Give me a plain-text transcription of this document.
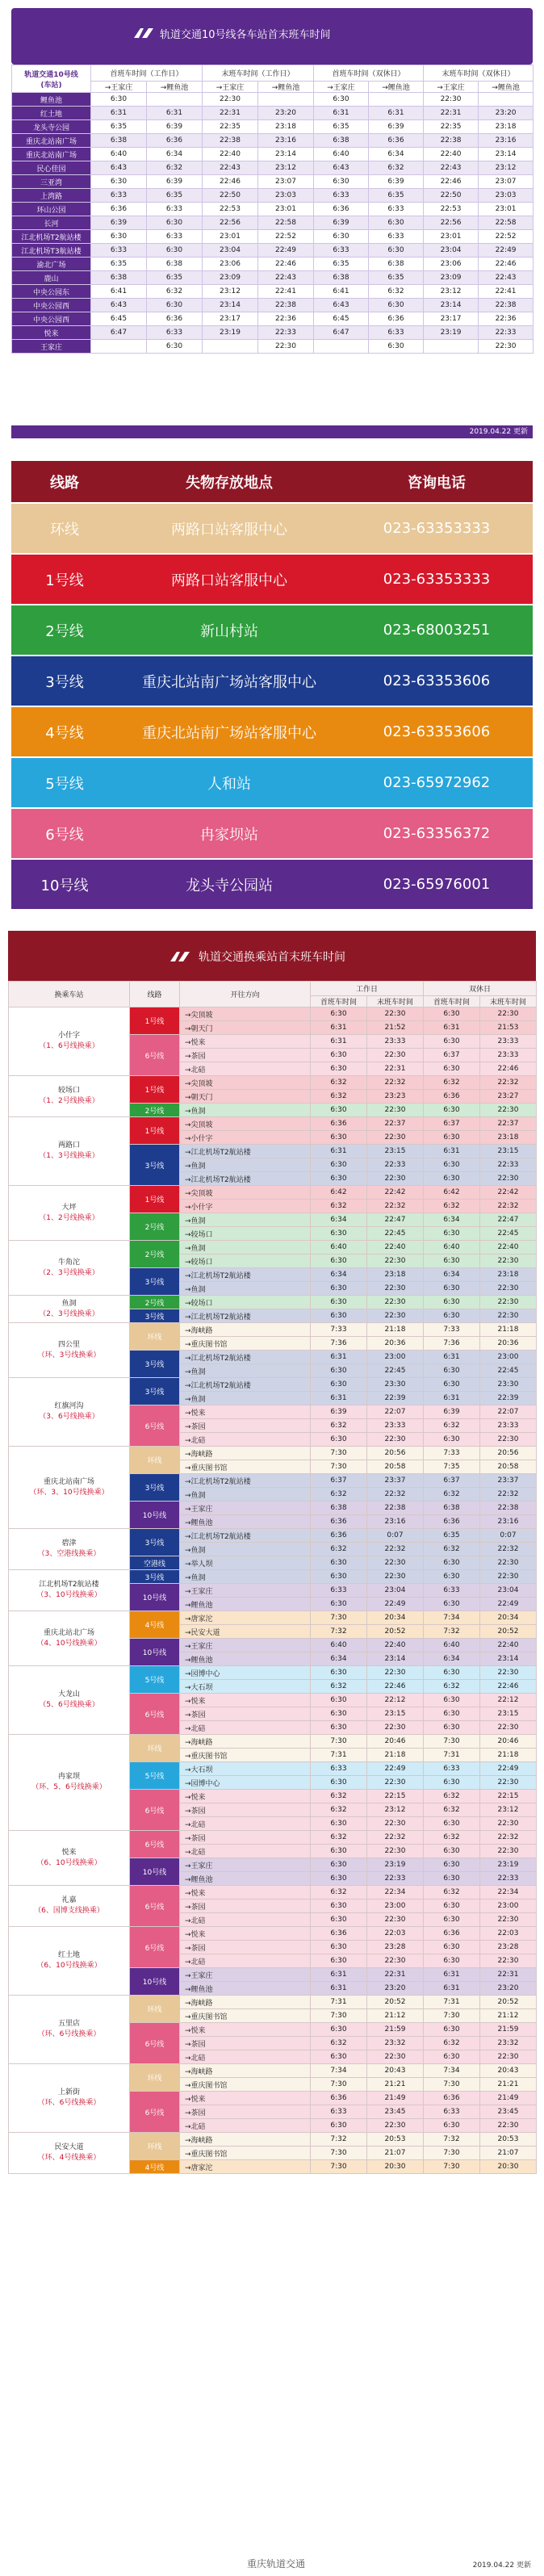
轨道交通10号线各车站首末班车时间
轨道交通10号线
(车站)	首班车时间（工作日）		末班车时间（工作日）		首班车时间（双休日）		末班车时间（双休日）	
	→王家庄	→鲤鱼池	→王家庄	→鲤鱼池	→王家庄	→鲤鱼池	→王家庄	→鲤鱼池
鲤鱼池	6:30		22:30		6:30		22:30	
红土地	6:31	6:31	22:31	23:20	6:31	6:31	22:31	23:20
龙头寺公园	6:35	6:39	22:35	23:18	6:35	6:39	22:35	23:18
重庆北站南广场	6:38	6:36	22:38	23:16	6:38	6:36	22:38	23:16
重庆北站南广场	6:40	6:34	22:40	23:14	6:40	6:34	22:40	23:14
民心佳园	6:43	6:32	22:43	23:12	6:43	6:32	22:43	23:12
三亚湾	6:30	6:39	22:46	23:07	6:30	6:39	22:46	23:07
上湾路	6:33	6:35	22:50	23:03	6:33	6:35	22:50	23:03
环山公园	6:36	6:33	22:53	23:01	6:36	6:33	22:53	23:01
长河	6:39	6:30	22:56	22:58	6:39	6:30	22:56	22:58
江北机场T2航站楼	6:30	6:33	23:01	22:52	6:30	6:33	23:01	22:52
江北机场T3航站楼	6:33	6:30	23:04	22:49	6:33	6:30	23:04	22:49
渝北广场	6:35	6:38	23:06	22:46	6:35	6:38	23:06	22:46
鹿山	6:38	6:35	23:09	22:43	6:38	6:35	23:09	22:43
中央公园东	6:41	6:32	23:12	22:41	6:41	6:32	23:12	22:41
中央公园西	6:43	6:30	23:14	22:38	6:43	6:30	23:14	22:38
中央公园西	6:45	6:36	23:17	22:36	6:45	6:36	23:17	22:36
悦来	6:47	6:33	23:19	22:33	6:47	6:33	23:19	22:33
王家庄		6:30		22:30		6:30		22:30
2019.04.22 更新
线路	失物存放地点	咨询电话
环线	两路口站客服中心	023-63353333
1号线	两路口站客服中心	023-63353333
2号线	新山村站	023-68003251
3号线	重庆北站南广场站客服中心	023-63353606
4号线	重庆北站南广场站客服中心	023-63353606
5号线	人和站	023-65972962
6号线	冉家坝站	023-63356372
10号线	龙头寺公园站	023-65976001
轨道交通换乘站首末班车时间
换乘车站	线路	开往方向	工作日		双休日	
			首班车时间	末班车时间	首班车时间	末班车时间

小什字
（1、6号线换乘）	1号线	→尖顶坡	6:30	22:30	6:30	22:30
		→朝天门	6:31	21:52	6:31	21:53
	6号线	→悦来	6:31	23:33	6:30	23:33
		→茶园	6:30	22:30	6:37	23:33
		→北碚	6:30	22:31	6:30	22:46

较场口
（1、2号线换乘）	1号线	→尖顶坡	6:32	22:32	6:32	22:32
		→朝天门	6:32	23:23	6:36	23:27
	2号线	→鱼洞	6:30	22:30	6:30	22:30

两路口
（1、3号线换乘）	1号线	→尖顶坡	6:36	22:37	6:37	22:37
		→小什字	6:30	22:30	6:30	23:18
	3号线	→江北机场T2航站楼	6:31	23:15	6:31	23:15
		→鱼洞	6:30	22:33	6:30	22:33
		→江北机场T2航站楼	6:30	22:30	6:30	22:30

大坪
（1、2号线换乘）	1号线	→尖顶坡	6:42	22:42	6:42	22:42
		→小什字	6:32	22:32	6:32	22:32
	2号线	→鱼洞	6:34	22:47	6:34	22:47
		→较场口	6:30	22:45	6:30	22:45

牛角沱
（2、3号线换乘）	2号线	→鱼洞	6:40	22:40	6:40	22:40
		→较场口	6:30	22:30	6:30	22:30
	3号线	→江北机场T2航站楼	6:34	23:18	6:34	23:18
		→鱼洞	6:30	22:30	6:30	22:30

鱼洞
（2、3号线换乘）	2号线	→较场口	6:30	22:30	6:30	22:30
	3号线	→江北机场T2航站楼	6:30	22:30	6:30	22:30

四公里
（环、3号线换乘）	环线	→海峡路	7:33	21:18	7:33	21:18
		→重庆图书馆	7:36	20:36	7:36	20:36
	3号线	→江北机场T2航站楼	6:31	23:00	6:31	23:00
		→鱼洞	6:30	22:45	6:30	22:45

红旗河沟
（3、6号线换乘）	3号线	→江北机场T2航站楼	6:30	23:30	6:30	23:30
		→鱼洞	6:31	22:39	6:31	22:39
	6号线	→悦来	6:39	22:07	6:39	22:07
		→茶园	6:32	23:33	6:32	23:33
		→北碚	6:30	22:30	6:30	22:30

重庆北站南广场
（环、3、10号线换乘）	环线	→海峡路	7:30	20:56	7:33	20:56
		→重庆图书馆	7:30	20:58	7:35	20:58
	3号线	→江北机场T2航站楼	6:37	23:37	6:37	23:37
		→鱼洞	6:32	22:32	6:32	22:32
	10号线	→王家庄	6:38	22:38	6:38	22:38
		→鲤鱼池	6:36	23:16	6:36	23:16

碧津
（3、空港线换乘）	3号线	→江北机场T2航站楼	6:36	0:07	6:35	0:07
		→鱼洞	6:32	22:32	6:32	22:32
	空港线	→举人坝	6:30	22:30	6:30	22:30

江北机场T2航站楼
（3、10号线换乘）	3号线	→鱼洞	6:30	22:30	6:30	22:30
	10号线	→王家庄	6:33	23:04	6:33	23:04
		→鲤鱼池	6:30	22:49	6:30	22:49

重庆北站北广场
（4、10号线换乘）	4号线	→唐家沱	7:30	20:34	7:34	20:34
		→民安大道	7:32	20:52	7:32	20:52
	10号线	→王家庄	6:40	22:40	6:40	22:40
		→鲤鱼池	6:34	23:14	6:34	23:14

大龙山
（5、6号线换乘）	5号线	→园博中心	6:30	22:30	6:30	22:30
		→大石坝	6:32	22:46	6:32	22:46
	6号线	→悦来	6:30	22:12	6:30	22:12
		→茶园	6:30	23:15	6:30	23:15
		→北碚	6:30	22:30	6:30	22:30

冉家坝
（环、5、6号线换乘）	环线	→海峡路	7:30	20:46	7:30	20:46
		→重庆图书馆	7:31	21:18	7:31	21:18
	5号线	→大石坝	6:33	22:49	6:33	22:49
		→园博中心	6:30	22:30	6:30	22:30
	6号线	→悦来	6:32	22:15	6:32	22:15
		→茶园	6:32	23:12	6:32	23:12
		→北碚	6:30	22:30	6:30	22:30

悦来
（6、10号线换乘）	6号线	→茶园	6:32	22:32	6:32	22:32
		→北碚	6:30	22:30	6:30	22:30
	10号线	→王家庄	6:30	23:19	6:30	23:19
		→鲤鱼池	6:30	22:33	6:30	22:33

礼嘉
（6、国博支线换乘）	6号线	→悦来	6:32	22:34	6:32	22:34
		→茶园	6:30	23:00	6:30	23:00
		→北碚	6:30	22:30	6:30	22:30

红土地
（6、10号线换乘）	6号线	→悦来	6:36	22:03	6:36	22:03
		→茶园	6:30	23:28	6:30	23:28
		→北碚	6:30	22:30	6:30	22:30
	10号线	→王家庄	6:31	22:31	6:31	22:31
		→鲤鱼池	6:31	23:20	6:31	23:20

五里店
（环、6号线换乘）	环线	→海峡路	7:31	20:52	7:31	20:52
		→重庆图书馆	7:30	21:12	7:30	21:12
	6号线	→悦来	6:30	21:59	6:30	21:59
		→茶园	6:32	23:32	6:32	23:32
		→北碚	6:30	22:30	6:30	22:30

上新街
（环、6号线换乘）	环线	→海峡路	7:34	20:43	7:34	20:43
		→重庆图书馆	7:30	21:21	7:30	21:21
	6号线	→悦来	6:36	21:49	6:36	21:49
		→茶园	6:33	23:45	6:33	23:45
		→北碚	6:30	22:30	6:30	22:30

民安大道
（环、4号线换乘）	环线	→海峡路	7:32	20:53	7:32	20:53
		→重庆图书馆	7:30	21:07	7:30	21:07
	4号线	→唐家沱	7:30	20:30	7:30	20:30
重庆轨道交通	2019.04.22 更新
